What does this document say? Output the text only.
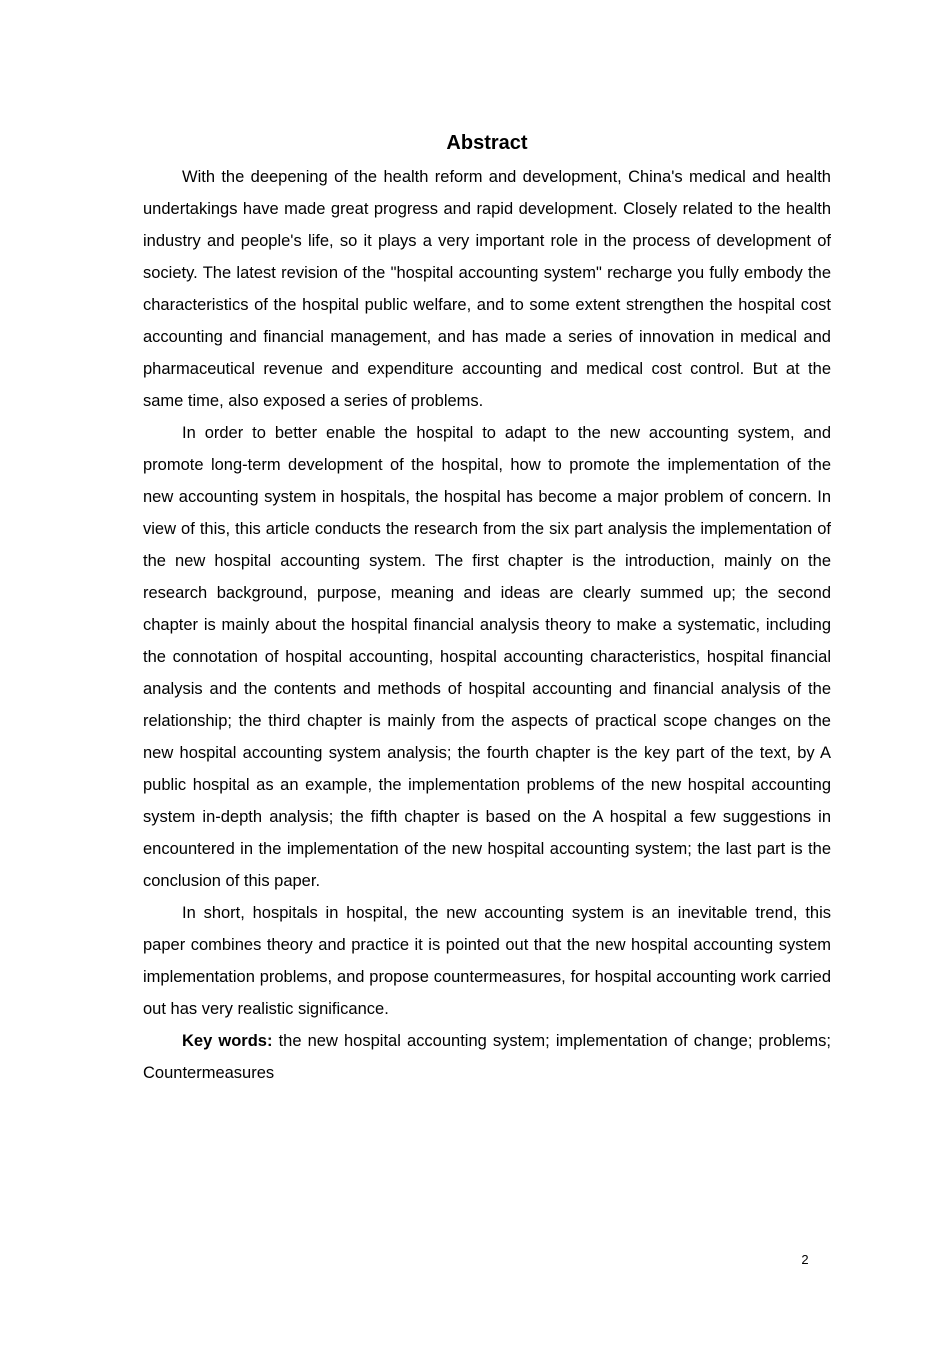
Abstract

With the deepening of the health reform and development, China's medical and health undertakings have made great progress and rapid development. Closely related to the health industry and people's life, so it plays a very important role in the process of development of society. The latest revision of the "hospital accounting system" recharge you fully embody the characteristics of the hospital public welfare, and to some extent strengthen the hospital cost accounting and financial management, and has made a series of innovation in medical and pharmaceutical revenue and expenditure accounting and medical cost control. But at the same time, also exposed a series of problems.

In order to better enable the hospital to adapt to the new accounting system, and promote long-term development of the hospital, how to promote the implementation of the new accounting system in hospitals, the hospital has become a major problem of concern. In view of this, this article conducts the research from the six part analysis the implementation of the new hospital accounting system. The first chapter is the introduction, mainly on the research background, purpose, meaning and ideas are clearly summed up; the second chapter is mainly about the hospital financial analysis theory to make a systematic, including the connotation of hospital accounting, hospital accounting characteristics, hospital financial analysis and the contents and methods of hospital accounting and financial analysis of the relationship; the third chapter is mainly from the aspects of practical scope changes on the new hospital accounting system analysis; the fourth chapter is the key part of the text, by A public hospital as an example, the implementation problems of the new hospital accounting system in-depth analysis; the fifth chapter is based on the A hospital a few suggestions in encountered in the implementation of the new hospital accounting system; the last part is the conclusion of this paper.

In short, hospitals in hospital, the new accounting system is an inevitable trend, this paper combines theory and practice it is pointed out that the new hospital accounting system implementation problems, and propose countermeasures, for hospital accounting work carried out has very realistic significance.

Key words: the new hospital accounting system; implementation of change; problems; Countermeasures

2
